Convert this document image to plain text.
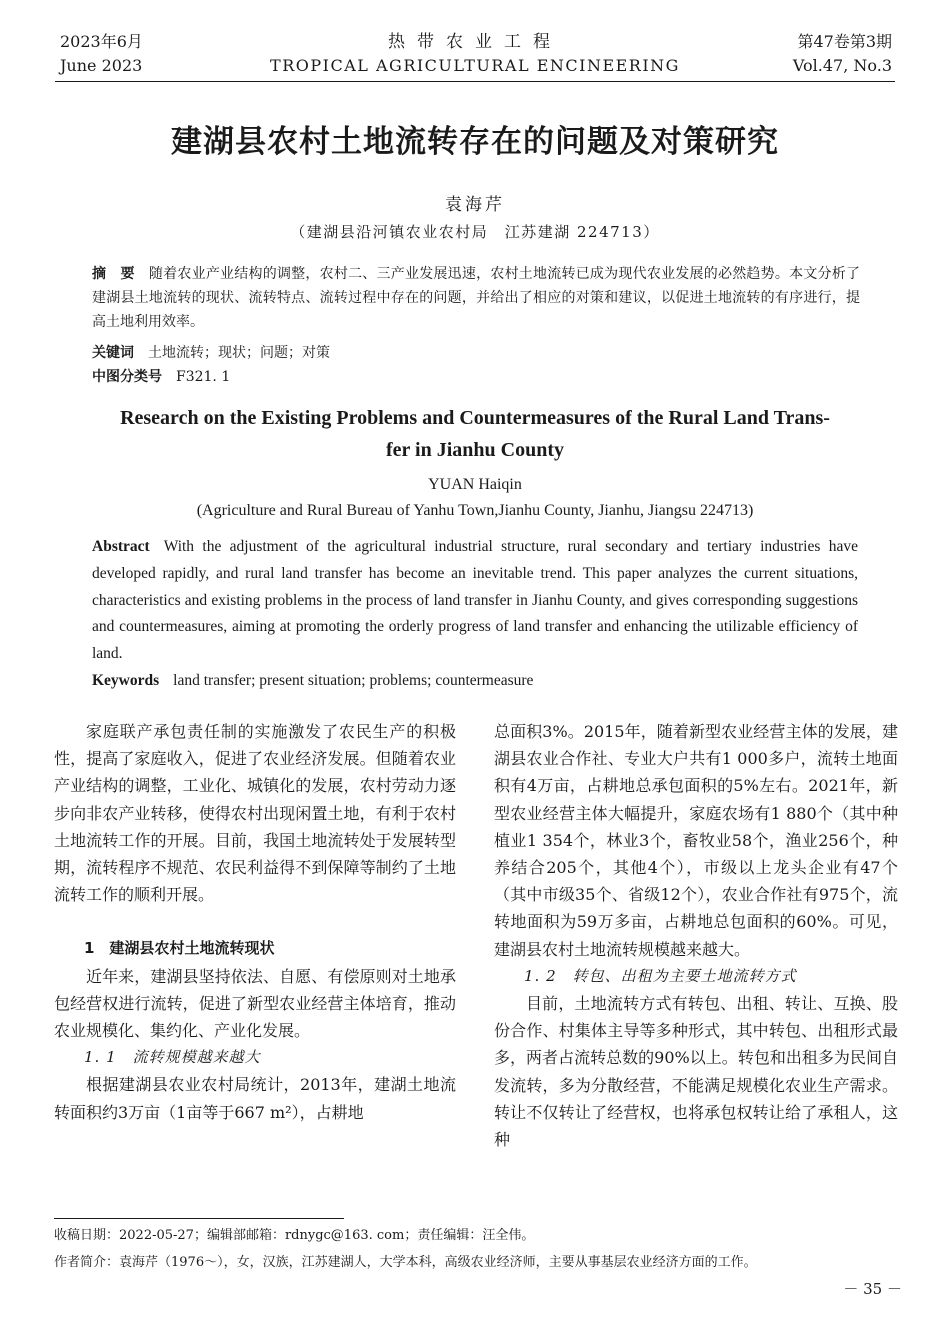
2023年6月
June 2023
热带农业工程
TROPICAL AGRICULTURAL ENCINEERING
第47卷第3期
Vol.47, No.3
建湖县农村土地流转存在的问题及对策研究
袁海芹
（建湖县沿河镇农业农村局　江苏建湖 224713）
摘　要 随着农业产业结构的调整，农村二、三产业发展迅速，农村土地流转已成为现代农业发展的必然趋势。本文分析了建湖县土地流转的现状、流转特点、流转过程中存在的问题，并给出了相应的对策和建议，以促进土地流转的有序进行，提高土地利用效率。
关键词 土地流转；现状；问题；对策
中图分类号 F321. 1
Research on the Existing Problems and Countermeasures of the Rural Land Trans-
fer in Jianhu County
YUAN Haiqin
(Agriculture and Rural Bureau of Yanhu Town,Jianhu County, Jianhu, Jiangsu 224713)
Abstract With the adjustment of the agricultural industrial structure, rural secondary and tertiary industries have developed rapidly, and rural land transfer has become an inevitable trend. This paper analyzes the current situations, characteristics and existing problems in the process of land transfer in Jianhu County, and gives corresponding suggestions and countermeasures, aiming at promoting the orderly progress of land transfer and enhancing the utilizable efficiency of land.
Keywords land transfer; present situation; problems; countermeasure

家庭联产承包责任制的实施激发了农民生产的积极性，提高了家庭收入，促进了农业经济发展。但随着农业产业结构的调整，工业化、城镇化的发展，农村劳动力逐步向非农产业转移，使得农村出现闲置土地，有利于农村土地流转工作的开展。目前，我国土地流转处于发展转型期，流转程序不规范、农民利益得不到保障等制约了土地流转工作的顺利开展。

1　建湖县农村土地流转现状

近年来，建湖县坚持依法、自愿、有偿原则对土地承包经营权进行流转，促进了新型农业经营主体培育，推动农业规模化、集约化、产业化发展。

1. 1　流转规模越来越大

根据建湖县农业农村局统计，2013年，建湖土地流转面积约3万亩（1亩等于667 m²），占耕地

总面积3%。2015年，随着新型农业经营主体的发展，建湖县农业合作社、专业大户共有1 000多户，流转土地面积有4万亩，占耕地总承包面积的5%左右。2021年，新型农业经营主体大幅提升，家庭农场有1 880个（其中种植业1 354个，林业3个，畜牧业58个，渔业256个，种养结合205个，其他4个），市级以上龙头企业有47个（其中市级35个、省级12个），农业合作社有975个，流转地面积为59万多亩，占耕地总包面积的60%。可见，建湖县农村土地流转规模越来越大。

1. 2　转包、出租为主要土地流转方式

目前，土地流转方式有转包、出租、转让、互换、股份合作、村集体主导等多种形式，其中转包、出租形式最多，两者占流转总数的90%以上。转包和出租多为民间自发流转，多为分散经营，不能满足规模化农业生产需求。转让不仅转让了经营权，也将承包权转让给了承租人，这种

收稿日期：2022-05-27；编辑部邮箱：rdnygc@163. com；责任编辑：汪全伟。
作者简介：袁海芹（1976～），女，汉族，江苏建湖人，大学本科，高级农业经济师，主要从事基层农业经济方面的工作。
－ 35 －
